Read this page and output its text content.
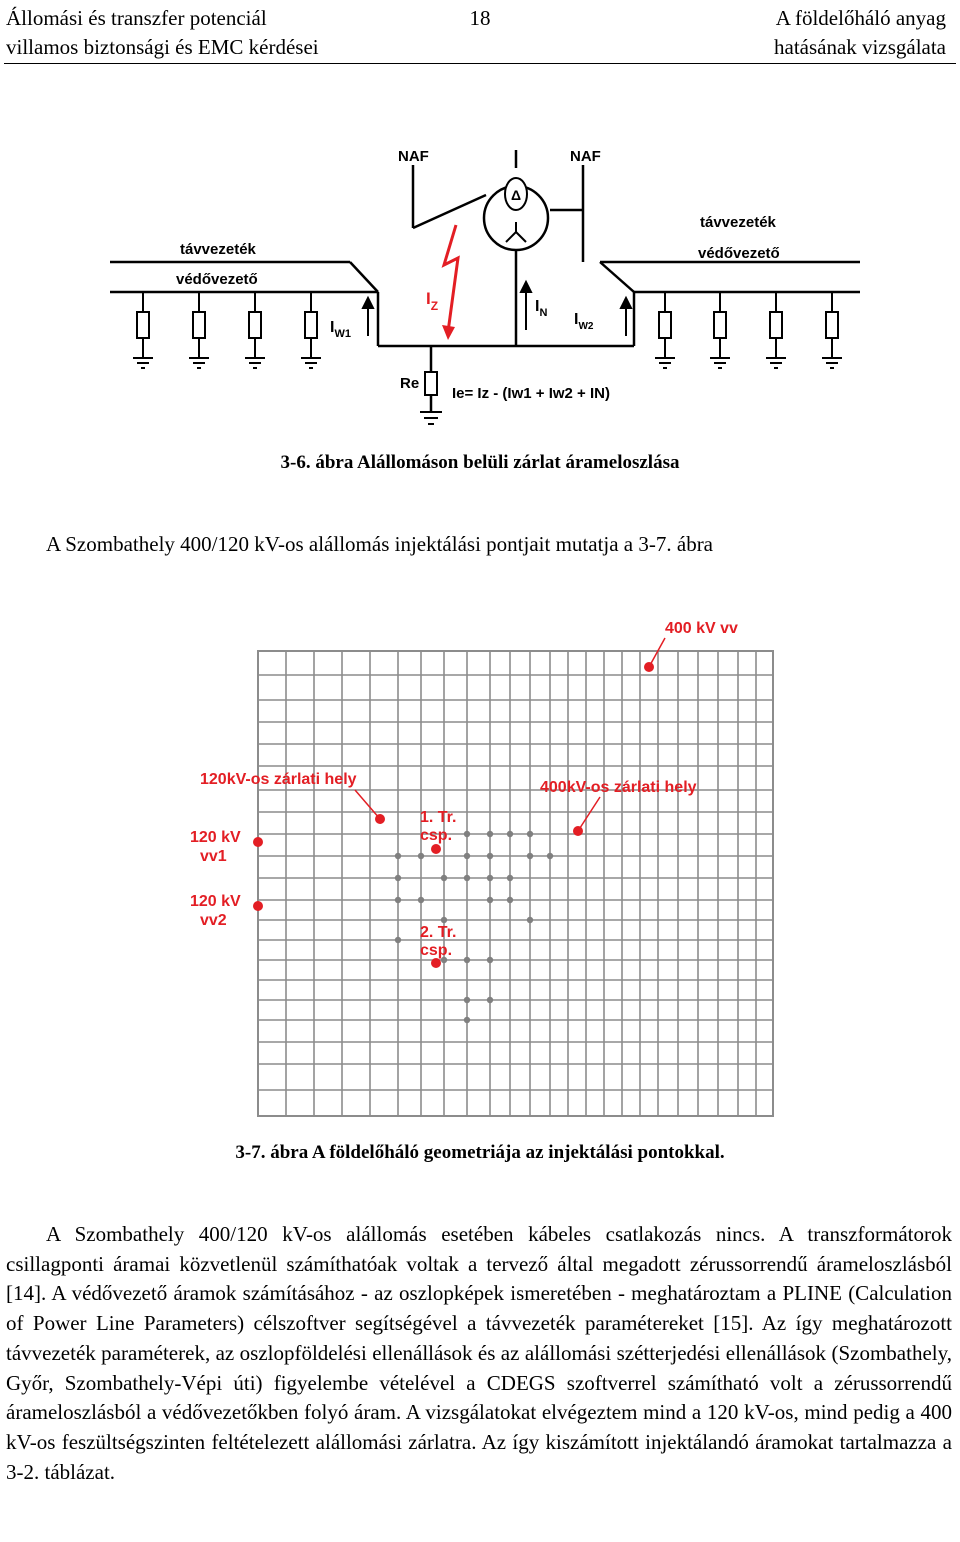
Állomási és transzfer potenciál
villamos biztonsági és EMC kérdései
18	A földelőháló anyag
hatásának vizsgálata
Δ
NAF	NAF
távvezeték
védővezető
távvezeték
védővezető
$I_Z$	$I_N$
$I_{W1}$
$I_{W2}$
Re
Ie= Iz - (Iw1 + Iw2 + IN)
3-6. ábra Alállomáson belüli zárlat árameloszlása
A Szombathely 400/120 kV-os alállomás injektálási pontjait mutatja a 3-7. ábra
400 kV vv
120kV-os zárlati hely	400kV-os zárlati hely
1. Tr.
csp.
2. Tr.
csp.
120 kV
vv1
120 kV
vv2
3-7. ábra A földelőháló geometriája az injektálási pontokkal.

A Szombathely 400/120 kV-os alállomás esetében kábeles csatlakozás nincs. A transzformátorok csillagponti áramai közvetlenül számíthatóak voltak a tervező által megadott zérussorrendű árameloszlásból [14]. A védővezető áramok számításához - az oszlopképek ismeretében - meghatároztam a PLINE (Calculation of Power Line Parameters) célszoftver segítségével a távvezeték paramétereket [15]. Az így meghatározott távvezeték paraméterek, az oszlopföldelési ellenállások és az alállomási szétterjedési ellenállások (Szombathely, Győr, Szombathely-Vépi úti) figyelembe vételével a CDEGS szoftverrel számítható volt a zérussorrendű árameloszlásból a védővezetőkben folyó áram. A vizsgálatokat elvégeztem mind a 120 kV-os, mind pedig a 400 kV-os feszültségszinten feltételezett alállomási zárlatra. Az így kiszámított injektálandó áramokat tartalmazza a 3-2. táblázat.
